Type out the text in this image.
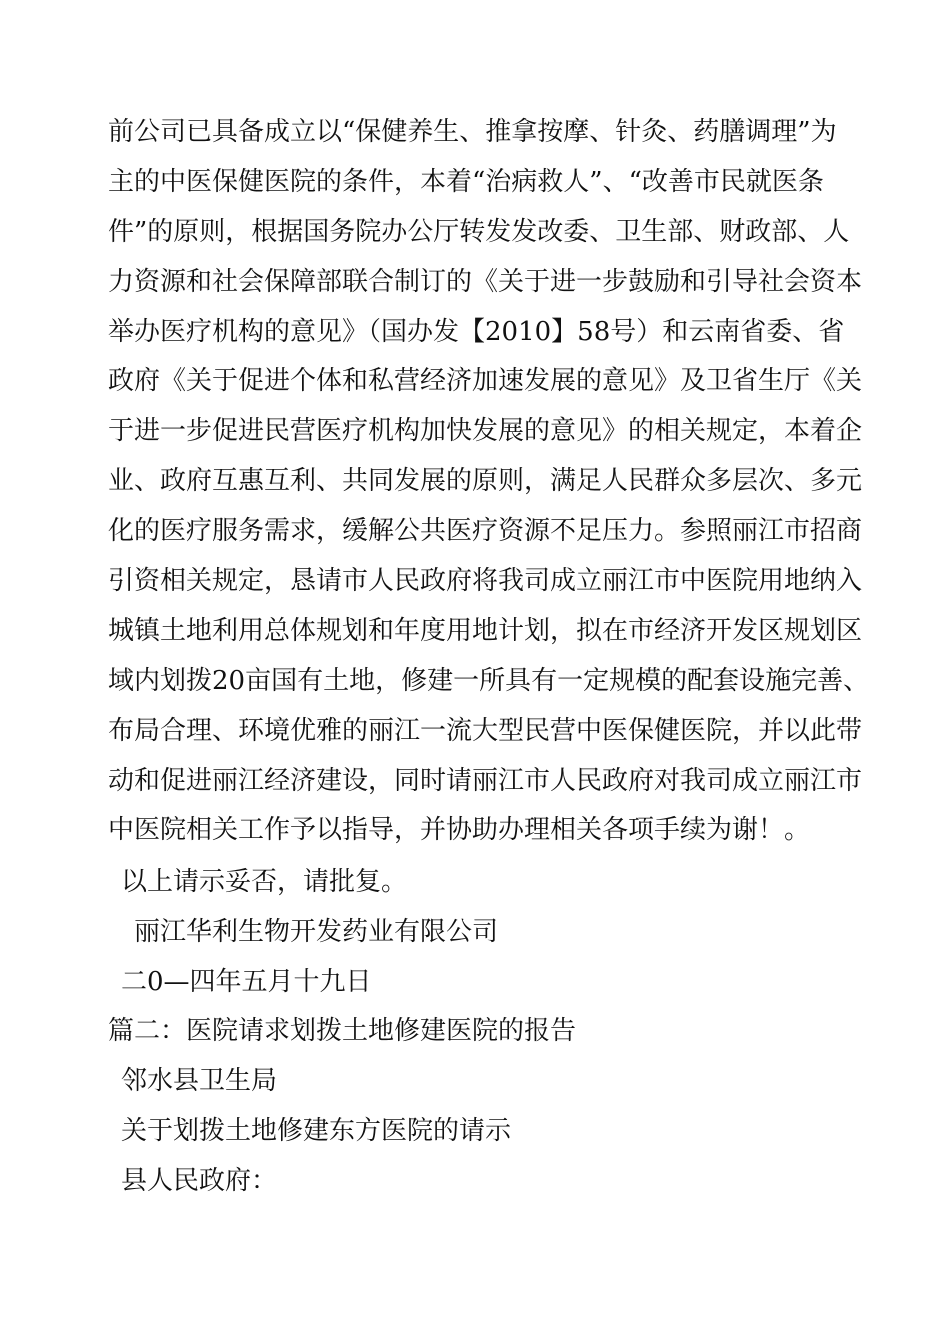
前公司已具备成立以“保健养生、推拿按摩、针灸、药膳调理”为
主的中医保健医院的条件，本着“治病救人”、“改善市民就医条
件”的原则，根据国务院办公厅转发发改委、卫生部、财政部、人
力资源和社会保障部联合制订的《关于进一步鼓励和引导社会资本
举办医疗机构的意见》（国办发【2010】58号）和云南省委、省
政府《关于促进个体和私营经济加速发展的意见》及卫省生厅《关
于进一步促进民营医疗机构加快发展的意见》的相关规定，本着企
业、政府互惠互利、共同发展的原则，满足人民群众多层次、多元
化的医疗服务需求，缓解公共医疗资源不足压力。参照丽江市招商
引资相关规定，恳请市人民政府将我司成立丽江市中医院用地纳入
城镇土地利用总体规划和年度用地计划，拟在市经济开发区规划区
域内划拨20亩国有土地，修建一所具有一定规模的配套设施完善、
布局合理、环境优雅的丽江一流大型民营中医保健医院，并以此带
动和促进丽江经济建设，同时请丽江市人民政府对我司成立丽江市
中医院相关工作予以指导，并协助办理相关各项手续为谢！。
以上请示妥否，请批复。
丽江华利生物开发药业有限公司
二0—四年五月十九日
篇二：医院请求划拨土地修建医院的报告
邻水县卫生局
关于划拨土地修建东方医院的请示
县人民政府：
